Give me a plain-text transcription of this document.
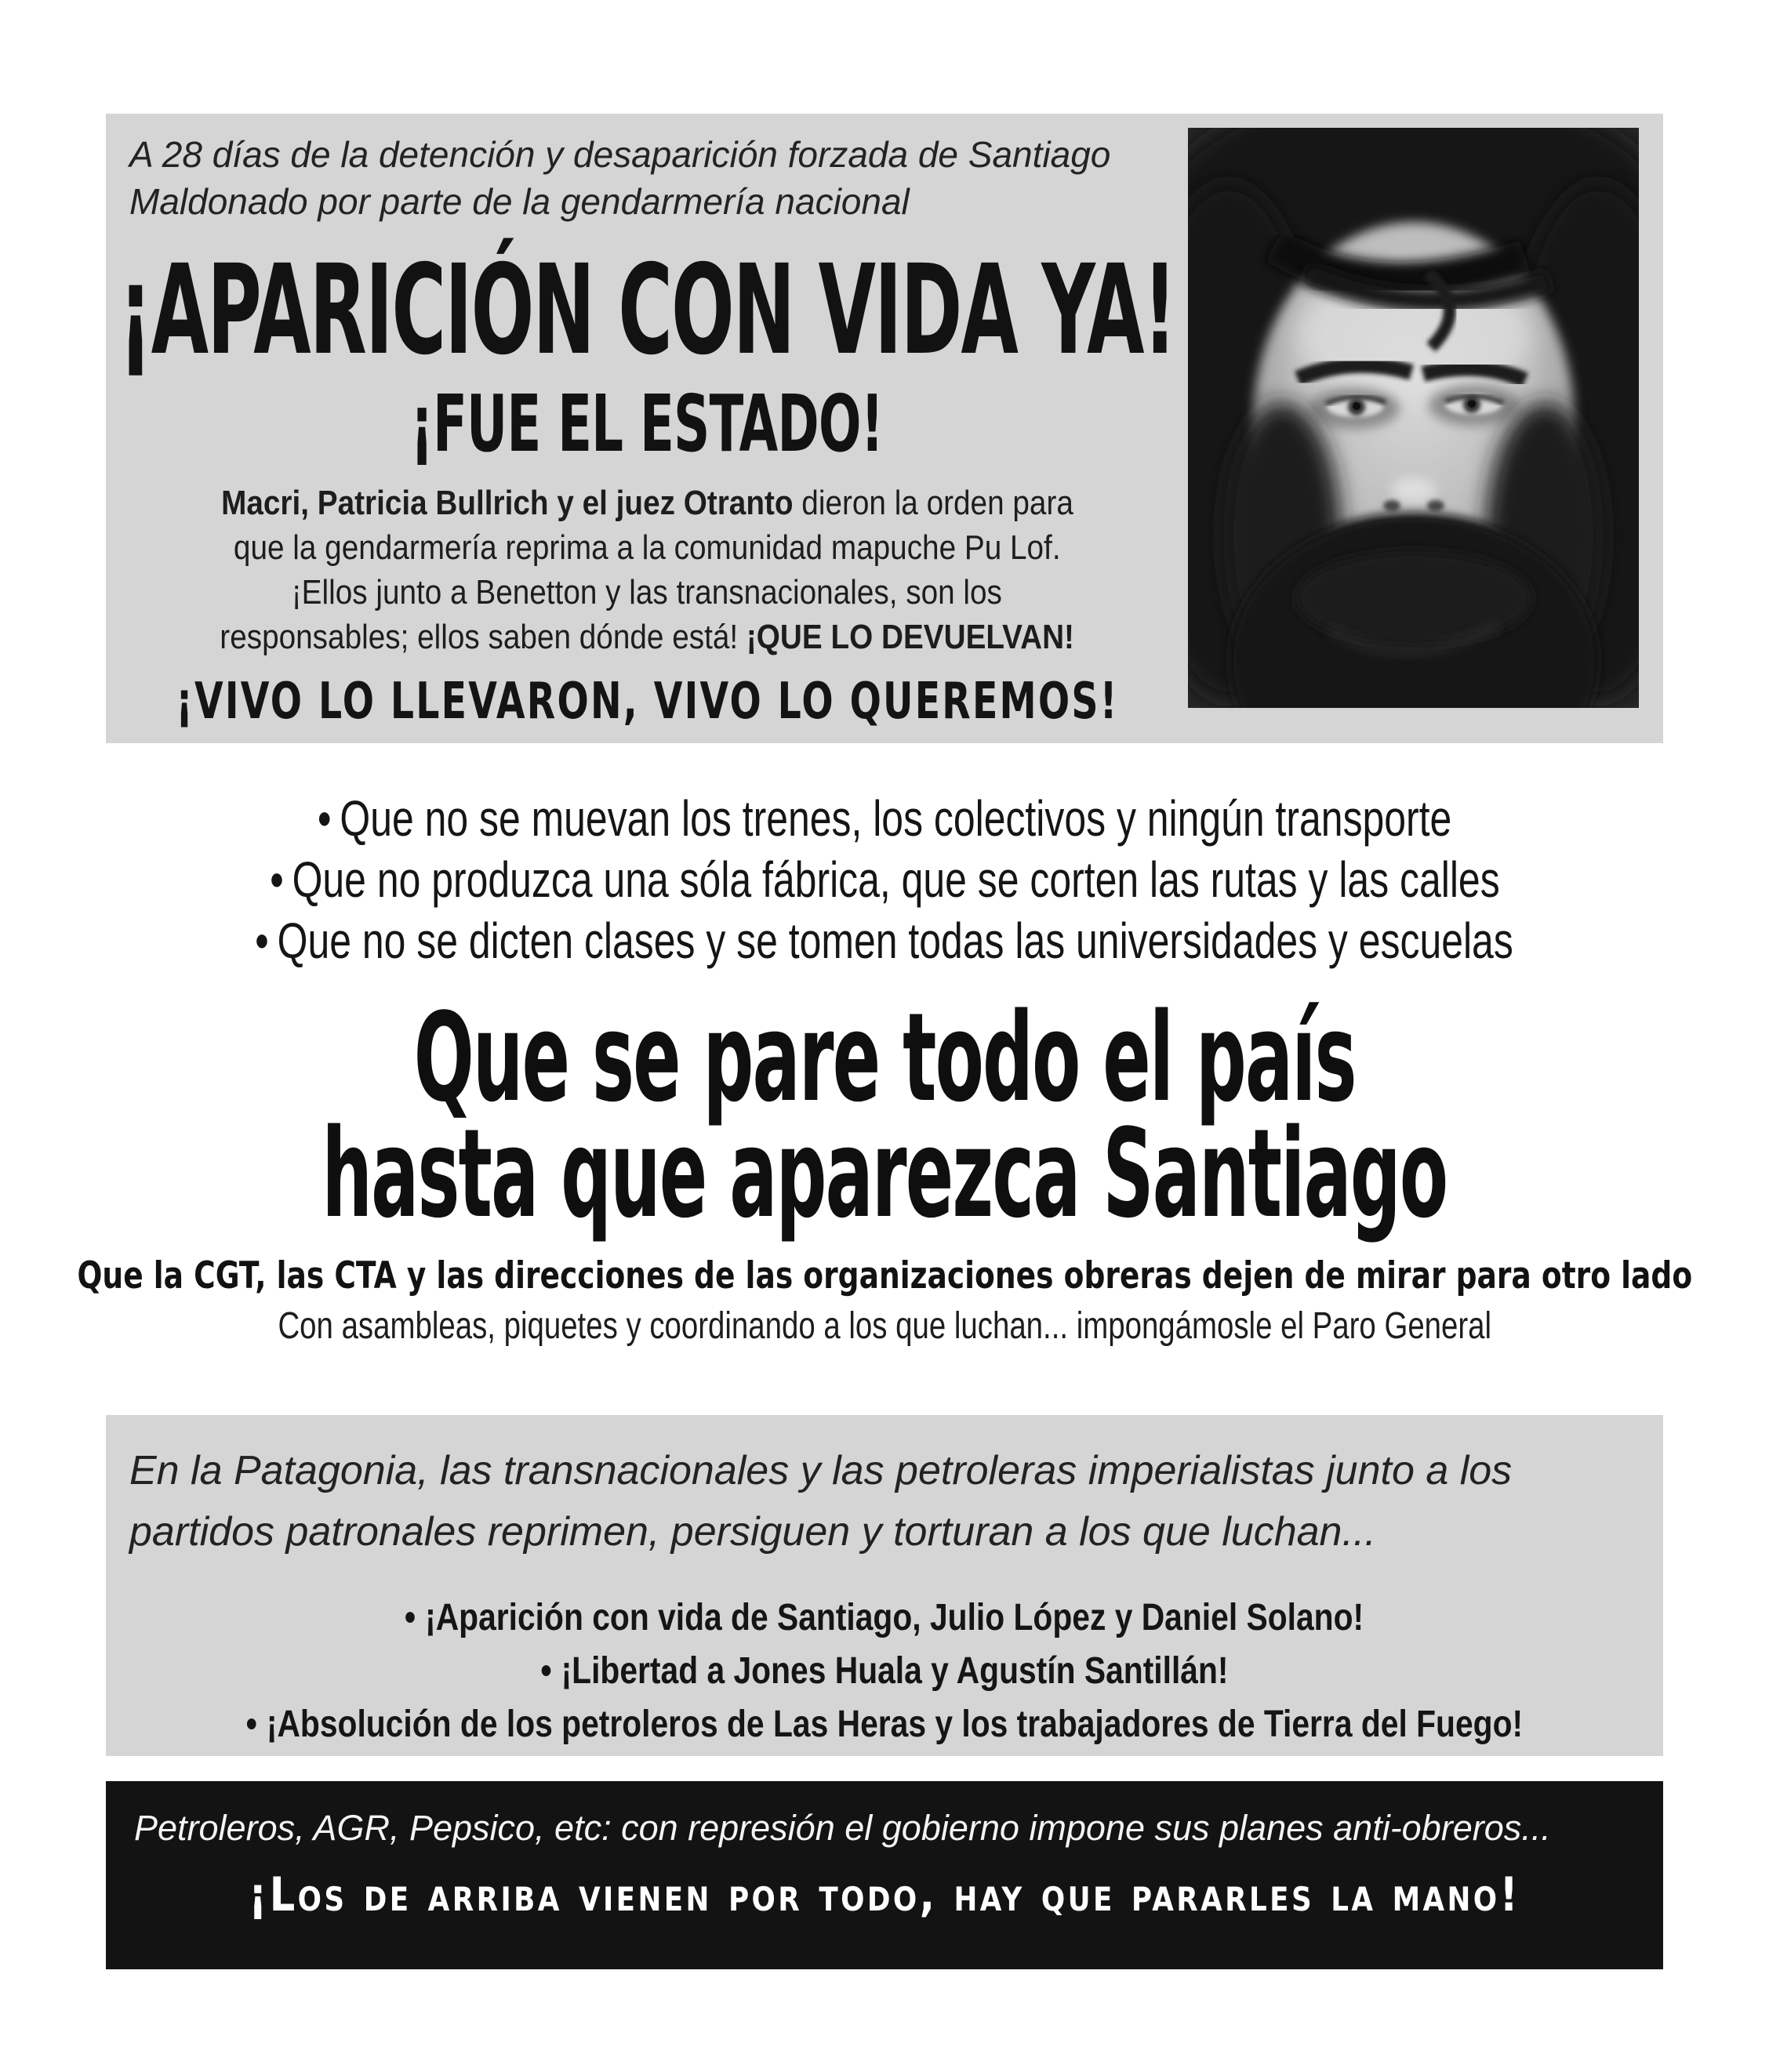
A 28 días de la detención y desaparición forzada de Santiago
Maldonado por parte de la gendarmería nacional

¡APARICIÓN CON VIDA YA!
¡FUE EL ESTADO!
Macri, Patricia Bullrich y el juez Otranto dieron la orden para
que la gendarmería reprima a la comunidad mapuche Pu Lof.
¡Ellos junto a Benetton y las transnacionales, son los
responsables; ellos saben dónde está! ¡QUE LO DEVUELVAN!
¡VIVO LO LLEVARON, VIVO LO QUEREMOS!
• Que no se muevan los trenes, los colectivos y ningún transporte
• Que no produzca una sóla fábrica, que se corten las rutas y las calles
• Que no se dicten clases y se tomen todas las universidades y escuelas
Que se pare todo el país
hasta que aparezca Santiago
Que la CGT, las CTA y las direcciones de las organizaciones obreras dejen de mirar para otro lado
Con asambleas, piquetes y coordinando a los que luchan... impongámosle el Paro General

En la Patagonia, las transnacionales y las petroleras imperialistas junto a los
partidos patronales reprimen, persiguen y torturan a los que luchan...

• ¡Aparición con vida de Santiago, Julio López y Daniel Solano!
• ¡Libertad a Jones Huala y Agustín Santillán!
• ¡Absolución de los petroleros de Las Heras y los trabajadores de Tierra del Fuego!

Petroleros, AGR, Pepsico, etc: con represión el gobierno impone sus planes anti-obreros...

¡Los de arriba vienen por todo, hay que pararles la mano!
